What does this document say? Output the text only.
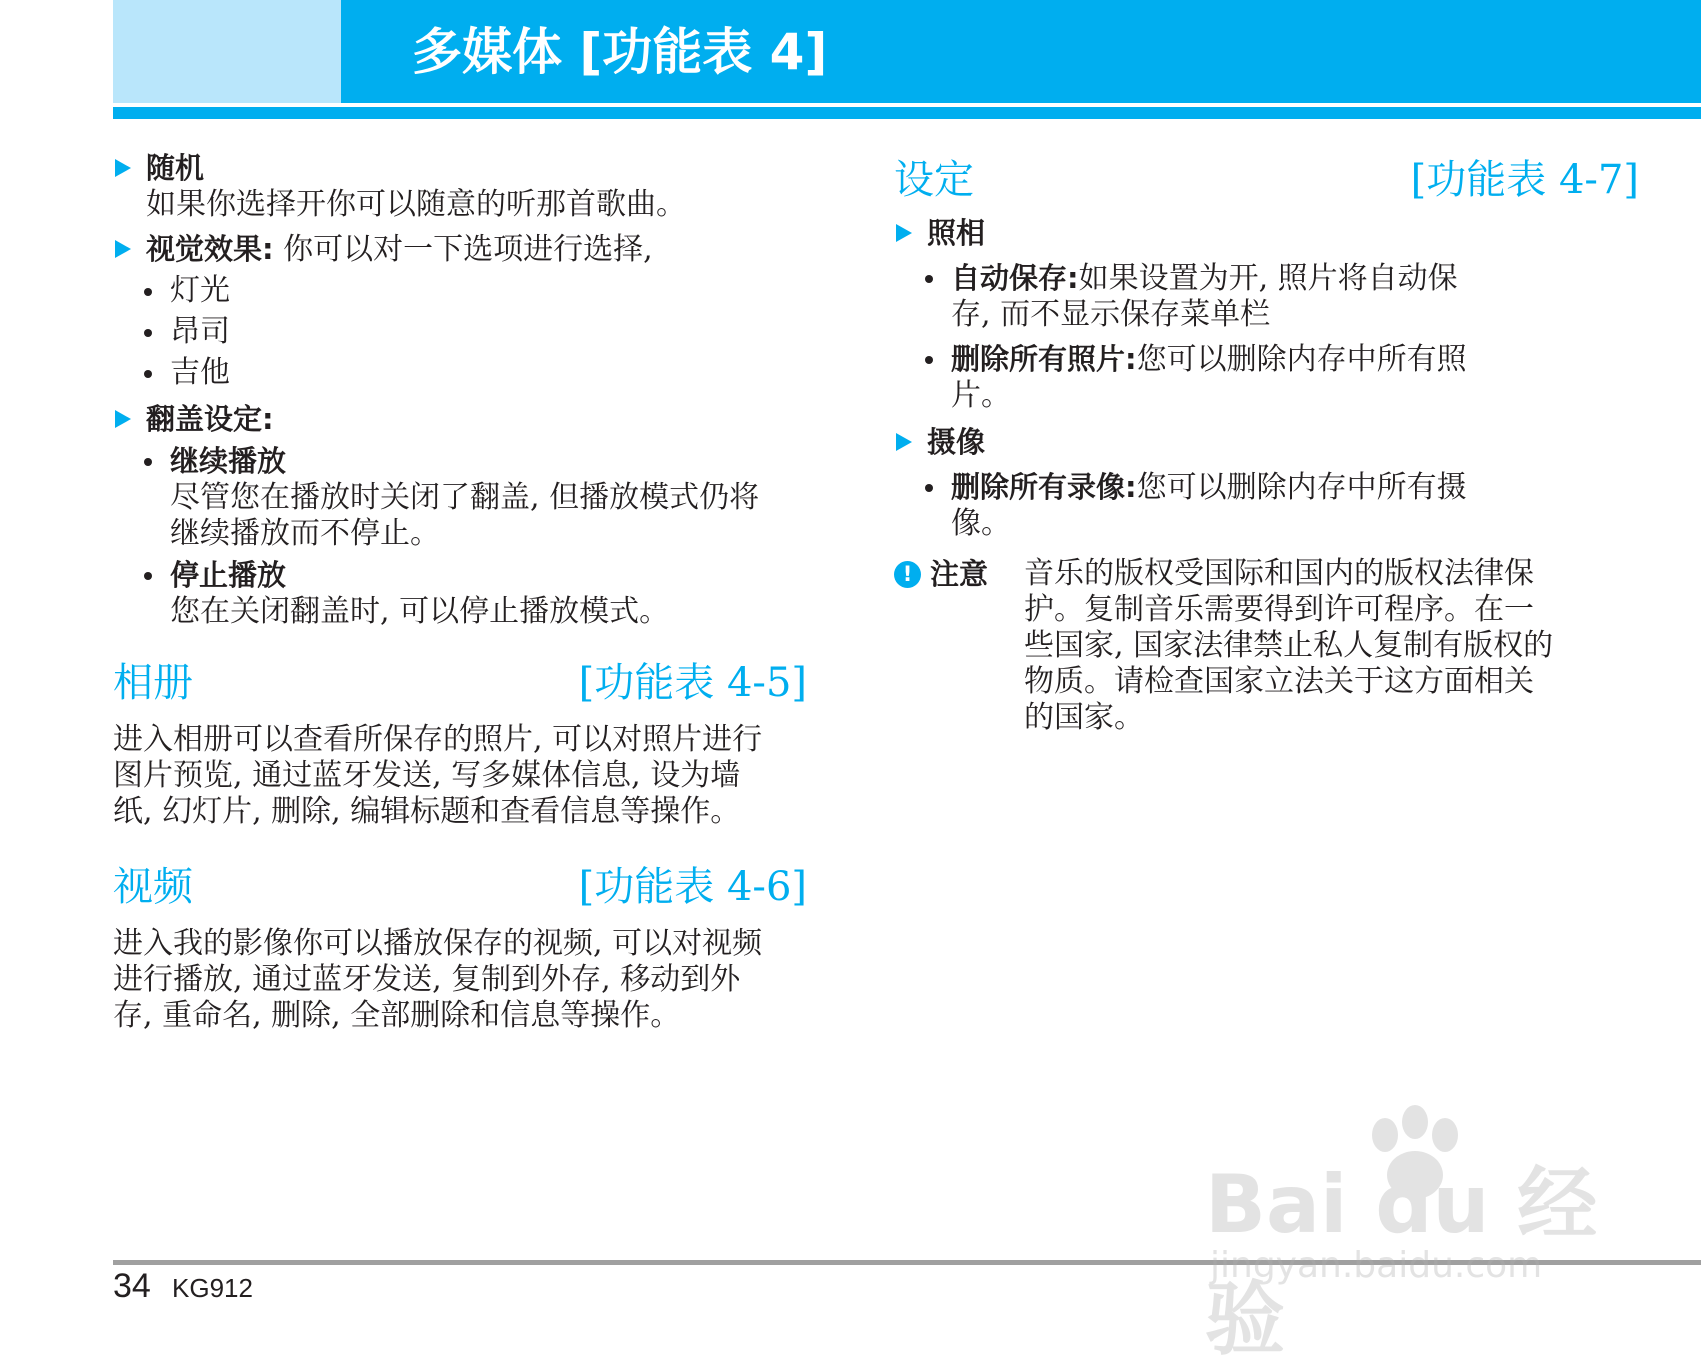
多媒体 [功能表 4]
随机
如果你选择开你可以随意的听那首歌曲。
视觉效果: 你可以对一下选项进行选择,
灯光
昂司
吉他
翻盖设定:
继续播放
尽管您在播放时关闭了翻盖, 但播放模式仍将
继续播放而不停止。
停止播放
您在关闭翻盖时, 可以停止播放模式。
相册	[功能表 4-5]
进入相册可以查看所保存的照片, 可以对照片进行
图片预览, 通过蓝牙发送, 写多媒体信息, 设为墙
纸, 幻灯片, 删除, 编辑标题和查看信息等操作。
视频	[功能表 4-6]
进入我的影像你可以播放保存的视频, 可以对视频
进行播放, 通过蓝牙发送, 复制到外存, 移动到外
存, 重命名, 删除, 全部删除和信息等操作。
设定	[功能表 4-7]
照相
自动保存:如果设置为开, 照片将自动保
存, 而不显示保存菜单栏
删除所有照片:您可以删除内存中所有照
片。
摄像
删除所有录像:您可以删除内存中所有摄
像。
! 注意 音乐的版权受国际和国内的版权法律保
护。复制音乐需要得到许可程序。在一
些国家, 国家法律禁止私人复制有版权的
物质。请检查国家立法关于这方面相关
的国家。
34 KG912
Bai du 经验
jingyan.baidu.com
